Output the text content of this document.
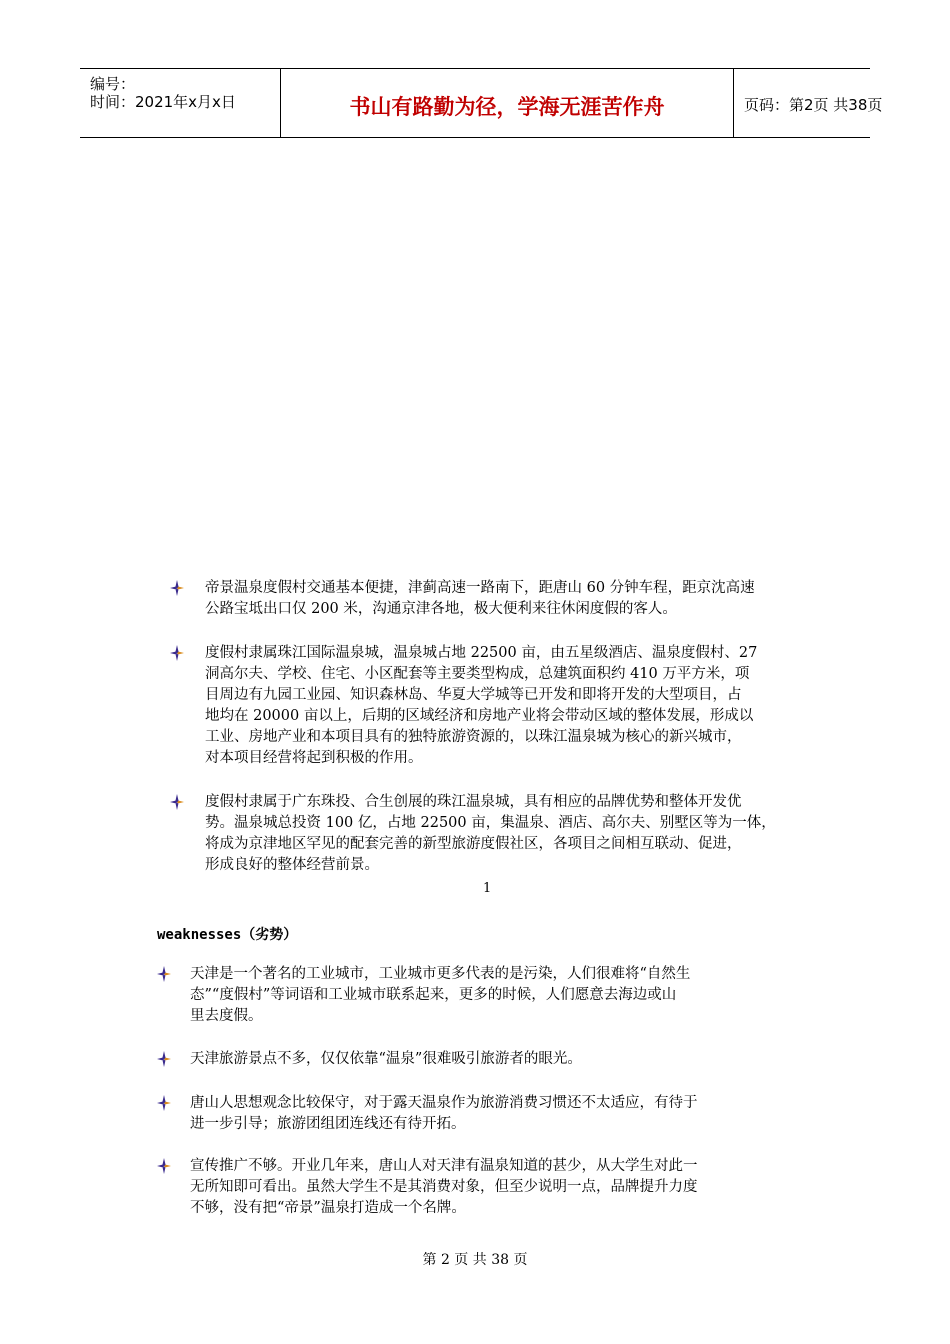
编号：
时间：2021年x月x日	书山有路勤为径，学海无涯苦作舟	页码：第2页 共38页
帝景温泉度假村交通基本便捷，津蓟高速一路南下，距唐山 60 分钟车程，距京沈高速
公路宝坻出口仅 200 米，沟通京津各地，极大便利来往休闲度假的客人。
度假村隶属珠江国际温泉城，温泉城占地 22500 亩，由五星级酒店、温泉度假村、27
洞高尔夫、学校、住宅、小区配套等主要类型构成，总建筑面积约 410 万平方米，项
目周边有九园工业园、知识森林岛、华夏大学城等已开发和即将开发的大型项目，占
地均在 20000 亩以上，后期的区域经济和房地产业将会带动区域的整体发展，形成以
工业、房地产业和本项目具有的独特旅游资源的，以珠江温泉城为核心的新兴城市，
对本项目经营将起到积极的作用。
度假村隶属于广东珠投、合生创展的珠江温泉城，具有相应的品牌优势和整体开发优
势。温泉城总投资 100 亿，占地 22500 亩，集温泉、酒店、高尔夫、别墅区等为一体，
将成为京津地区罕见的配套完善的新型旅游度假社区，各项目之间相互联动、促进，
形成良好的整体经营前景。
1
weaknesses（劣势）
天津是一个著名的工业城市，工业城市更多代表的是污染，人们很难将“自然生
态”“度假村”等词语和工业城市联系起来，更多的时候，人们愿意去海边或山
里去度假。
天津旅游景点不多，仅仅依靠“温泉”很难吸引旅游者的眼光。
唐山人思想观念比较保守，对于露天温泉作为旅游消费习惯还不太适应，有待于
进一步引导；旅游团组团连线还有待开拓。
宣传推广不够。开业几年来，唐山人对天津有温泉知道的甚少，从大学生对此一
无所知即可看出。虽然大学生不是其消费对象，但至少说明一点，品牌提升力度
不够，没有把“帝景”温泉打造成一个名牌。
第 2 页 共 38 页
